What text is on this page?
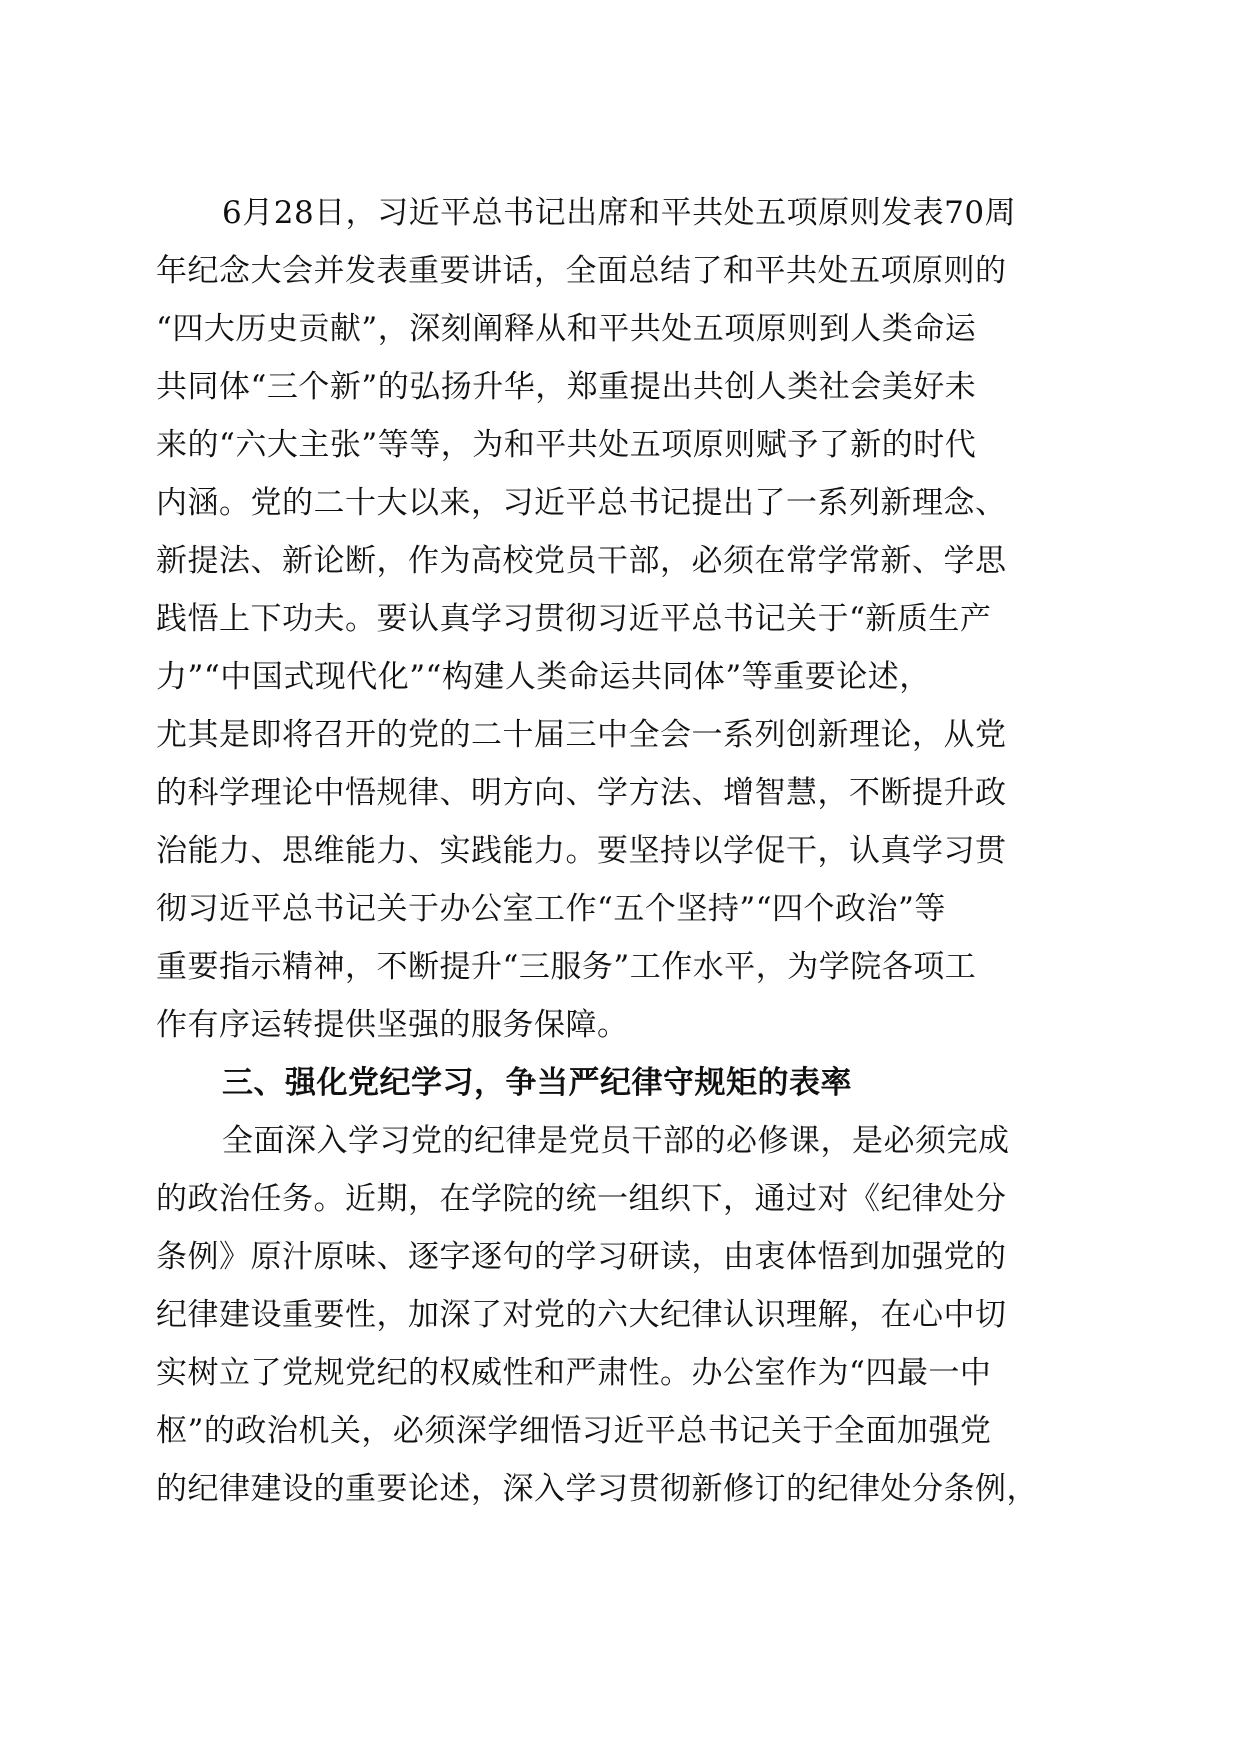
6月28日，习近平总书记出席和平共处五项原则发表70周
年纪念大会并发表重要讲话，全面总结了和平共处五项原则的
“四大历史贡献”，深刻阐释从和平共处五项原则到人类命运
共同体“三个新”的弘扬升华，郑重提出共创人类社会美好未
来的“六大主张”等等，为和平共处五项原则赋予了新的时代
内涵。党的二十大以来，习近平总书记提出了一系列新理念、
新提法、新论断，作为高校党员干部，必须在常学常新、学思
践悟上下功夫。要认真学习贯彻习近平总书记关于“新质生产
力”“中国式现代化”“构建人类命运共同体”等重要论述，
尤其是即将召开的党的二十届三中全会一系列创新理论，从党
的科学理论中悟规律、明方向、学方法、增智慧，不断提升政
治能力、思维能力、实践能力。要坚持以学促干，认真学习贯
彻习近平总书记关于办公室工作“五个坚持”“四个政治”等
重要指示精神，不断提升“三服务”工作水平，为学院各项工
作有序运转提供坚强的服务保障。
三、强化党纪学习，争当严纪律守规矩的表率
全面深入学习党的纪律是党员干部的必修课，是必须完成
的政治任务。近期，在学院的统一组织下，通过对《纪律处分
条例》原汁原味、逐字逐句的学习研读，由衷体悟到加强党的
纪律建设重要性，加深了对党的六大纪律认识理解，在心中切
实树立了党规党纪的权威性和严肃性。办公室作为“四最一中
枢”的政治机关，必须深学细悟习近平总书记关于全面加强党
的纪律建设的重要论述，深入学习贯彻新修订的纪律处分条例，
